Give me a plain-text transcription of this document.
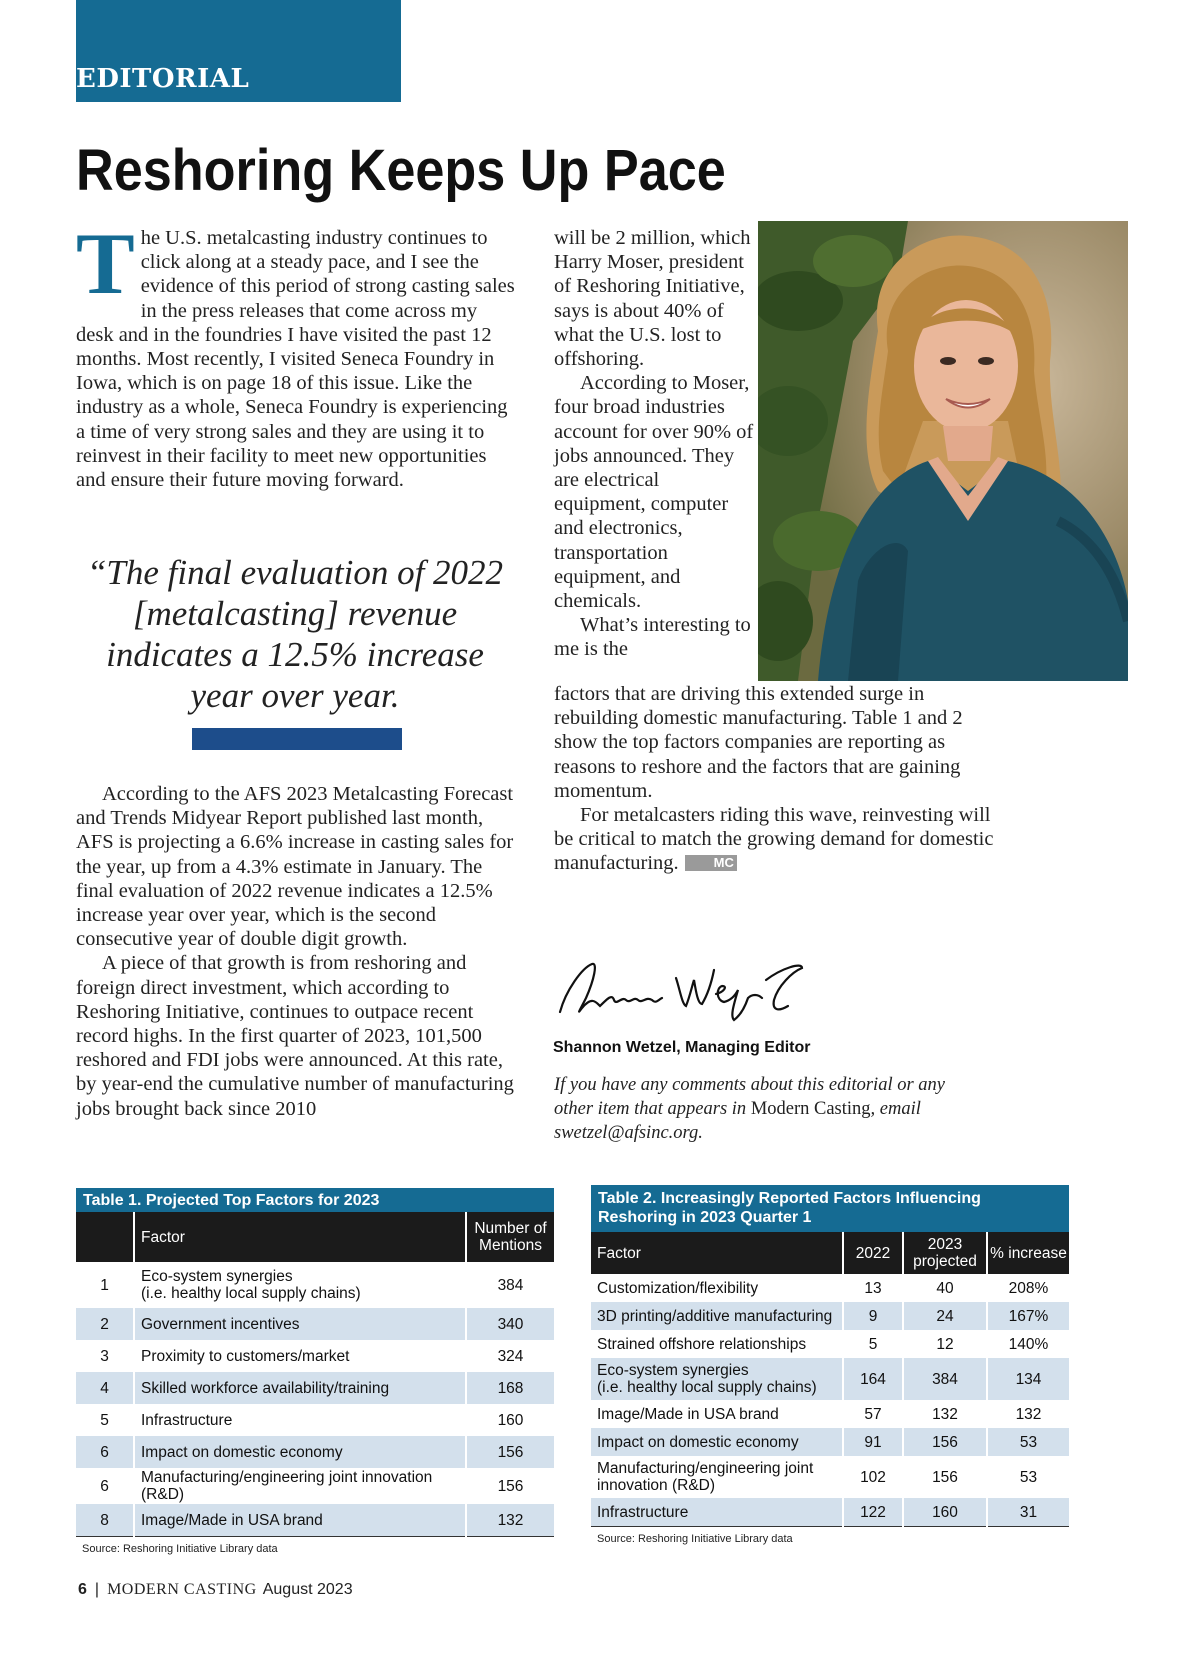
EDITORIAL
Reshoring Keeps Up Pace
T he U.S. metalcasting industry continues to click along at a steady pace, and I see the evidence of this period of strong casting sales in the press releases that come across my desk and in the foundries I have visited the past 12 months. Most recently, I visited Seneca Foundry in Iowa, which is on page 18 of this issue. Like the industry as a whole, Seneca Foundry is experiencing a time of very strong sales and they are using it to reinvest in their facility to meet new opportunities and ensure their future moving forward.

“The final evaluation of 2022 [metalcasting] revenue indicates a 12.5% increase year over year.

According to the AFS 2023 Metalcasting Forecast and Trends Midyear Report published last month, AFS is projecting a 6.6% increase in casting sales for the year, up from a 4.3% estimate in January. The final evaluation of 2022 revenue indicates a 12.5% increase year over year, which is the second consecutive year of double digit growth.

A piece of that growth is from reshoring and foreign direct investment, which according to Reshoring Initiative, continues to outpace recent record highs. In the first quarter of 2023, 101,500 reshored and FDI jobs were announced. At this rate, by year-end the cumulative number of manufacturing jobs brought back since 2010

will be 2 million, which Harry Moser, president of Reshoring Initiative, says is about 40% of what the U.S. lost to offshoring.

According to Moser, four broad industries account for over 90% of jobs announced. They are electrical equipment, computer and electronics, transportation equipment, and chemicals.

What’s interesting to me is the

factors that are driving this extended surge in rebuilding domestic manufacturing. Table 1 and 2 show the top factors companies are reporting as reasons to reshore and the factors that are gaining momentum.

For metalcasters riding this wave, reinvesting will be critical to match the growing demand for domestic manufacturing.	MC

Shannon Wetzel, Managing Editor
If you have any comments about this editorial or any other item that appears in Modern Casting, email swetzel@afsinc.org.
Table 1. Projected Top Factors for 2023
	Factor	Number of Mentions
1	Eco-system synergies
(i.e. healthy local supply chains)	384
2	Government incentives	340
3	Proximity to customers/market	324
4	Skilled workforce availability/training	168
5	Infrastructure	160
6	Impact on domestic economy	156
6	Manufacturing/engineering joint innovation (R&D)	156
8	Image/Made in USA brand	132
Source: Reshoring Initiative Library data
Table 2. Increasingly Reported Factors Influencing Reshoring in 2023 Quarter 1
Factor	2022	2023 projected	% increase
Customization/flexibility	13	40	208%
3D printing/additive manufacturing	9	24	167%
Strained offshore relationships	5	12	140%
Eco-system synergies
(i.e. healthy local supply chains)	164	384	134
Image/Made in USA brand	57	132	132
Impact on domestic economy	91	156	53
Manufacturing/engineering joint
innovation (R&D)	102	156	53
Infrastructure	122	160	31
Source: Reshoring Initiative Library data
6 | MODERN CASTING August 2023
